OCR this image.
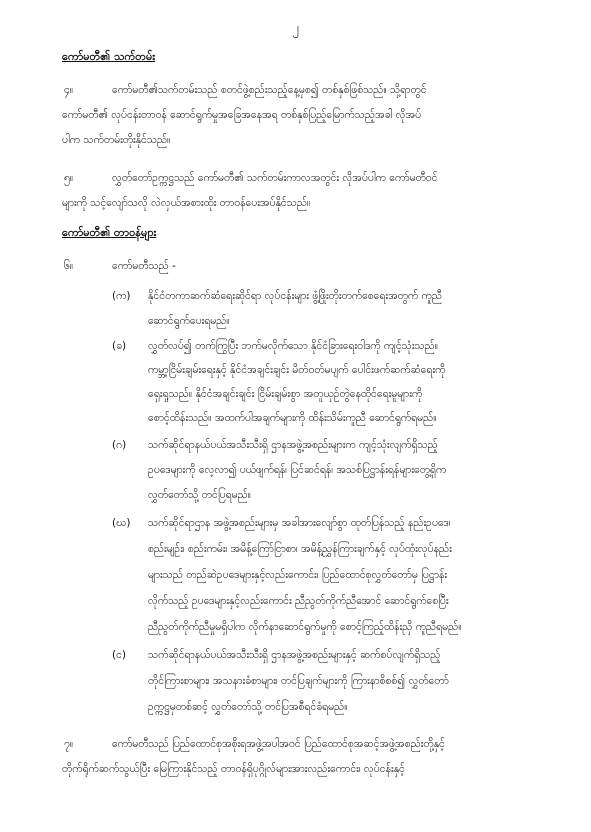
၂
ကော်မတီ၏ သက်တမ်း
၄။	ကော်မတီ၏သက်တမ်းသည် စတင်ဖွဲ့စည်းသည့်နေ့မှစ၍ တစ်နှစ်ဖြစ်သည်။ သို့ရာတွင်
ကော်မတီ၏ လုပ်ငန်းတာဝန် ဆောင်ရွက်မှုအခြေအနေအရ တစ်နှစ်ပြည့်မြောက်သည့်အခါ လိုအပ်
ပါက သက်တမ်းတိုးနိုင်သည်။
၅။	လွှတ်တော်ဥက္ကဋ္ဌသည် ကော်မတီ၏ သက်တမ်းကာလအတွင်း လိုအပ်ပါက ကော်မတီဝင်
များကို သင့်လျော်သလို လဲလှယ်အစားထိုး တာဝန်ပေးအပ်နိုင်သည်။
ကော်မတီ၏ တာဝန်များ
၆။	ကော်မတီသည် -
(က) နိုင်ငံတကာဆက်ဆံရေးဆိုင်ရာ လုပ်ငန်းများ ဖွံ့ဖြိုးတိုးတက်စေရေးအတွက် ကူညီ
ဆောင်ရွက်ပေးရမည်။
(ခ) လွှတ်လပ်၍ တက်ကြွပြီး ဘက်မလိုက်သော နိုင်ငံခြားရေးဝါဒကို ကျင့်သုံးသည်။
ကမ္ဘာ့ငြိမ်းချမ်းရေးနှင့် နိုင်ငံအချင်းချင်း မိတ်ဝတ်မပျက် ပေါင်းဖက်ဆက်ဆံရေးကို
ရှေးရှုသည်။ နိုင်ငံအချင်းချင်း ငြိမ်းချမ်းစွာ အတူယှဉ်တွဲနေထိုင်ရေးမူများကို
စောင့်ထိန်းသည်။ အထက်ပါအချက်များကို ထိန်းသိမ်းကူညီ ဆောင်ရွက်ရမည်။
(ဂ) သက်ဆိုင်ရာနယ်ပယ်အသီးသီးရှိ ဌာနအဖွဲ့အစည်းများက ကျင့်သုံးလျက်ရှိသည့်
ဥပဒေများကို လေ့လာ၍ ပယ်ဖျက်ရန်၊ ပြင်ဆင်ရန်၊ အသစ်ပြဋ္ဌာန်းရန်များတွေ့ရှိက
လွှတ်တော်သို့ တင်ပြရမည်။
(ဃ) သက်ဆိုင်ရာဌာန အဖွဲ့အစည်းများမှ အခါအားလျော်စွာ ထုတ်ပြန်သည့် နည်းဥပဒေ၊
စည်းမျဉ်း၊ စည်းကမ်း၊ အမိန့်ကြော်ငြာစာ၊ အမိန့်ညွှန်ကြားချက်နှင့် လုပ်ထုံးလုပ်နည်း
များသည် တည်ဆဲဥပဒေများနှင့်လည်းကောင်း၊ ပြည်ထောင်စုလွှတ်တော်မှ ပြဋ္ဌာန်း
လိုက်သည့် ဥပဒေများနှင့်လည်းကောင်း ညီညွတ်ကိုက်ညီအောင် ဆောင်ရွက်စေပြီး
ညီညွတ်ကိုက်ညီမှုမရှိပါက လိုက်နာဆောင်ရွက်မှုကို စောင့်ကြည့်ထိန်းညှိ ကူညီရမည်။
(င) သက်ဆိုင်ရာနယ်ပယ်အသီးသီးရှိ ဌာနအဖွဲ့အစည်းများနှင့် ဆက်စပ်လျက်ရှိသည့်
တိုင်ကြားစာများ၊ အသနားခံစာများ၊ တင်ပြချက်များကို ကြားနာစိစစ်၍ လွှတ်တော်
ဥက္ကဋ္ဌမှတစ်ဆင့် လွှတ်တော်သို့ တင်ပြအစီရင်ခံရမည်။
၇။	ကော်မတီသည် ပြည်ထောင်စုအစိုးရအဖွဲ့အပါအဝင် ပြည်ထောင်စုအဆင့်အဖွဲ့အစည်းတို့နှင့်
တိုက်ရိုက်ဆက်သွယ်ပြီး မြေကြားနိုင်သည့် တာဝန်ရှိပုဂ္ဂိုလ်များအားလည်းကောင်း၊ လုပ်ငန်းနှင့်
